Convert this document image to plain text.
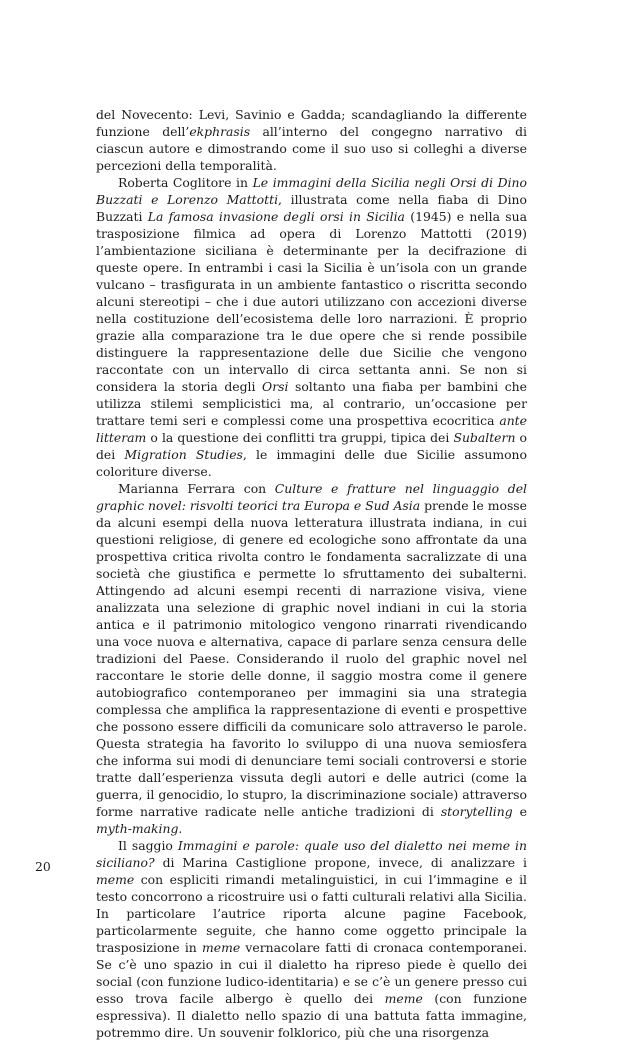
del Novecento: Levi, Savinio e Gadda; scandagliando la differente funzione dell’ekphrasis all’interno del congegno narrativo di ciascun autore e dimostrando come il suo uso si colleghi a diverse percezioni della temporalità.

Roberta Coglitore in Le immagini della Sicilia negli Orsi di Dino Buzzati e Lorenzo Mattotti, illustrata come nella fiaba di Dino Buzzati La famosa invasione degli orsi in Sicilia (1945) e nella sua trasposizione filmica ad opera di Lorenzo Mattotti (2019) l’ambientazione siciliana è determinante per la decifrazione di queste opere. In entrambi i casi la Sicilia è un’isola con un grande vulcano – trasfigurata in un ambiente fantastico o riscritta secondo alcuni stereotipi – che i due autori utilizzano con accezioni diverse nella costituzione dell’ecosistema delle loro narrazioni. È proprio grazie alla comparazione tra le due opere che si rende possibile distinguere la rappresentazione delle due Sicilie che vengono raccontate con un intervallo di circa settanta anni. Se non si considera la storia degli Orsi soltanto una fiaba per bambini che utilizza stilemi semplicistici ma, al contrario, un’occasione per trattare temi seri e complessi come una prospettiva ecocritica ante litteram o la questione dei conflitti tra gruppi, tipica dei Subaltern o dei Migration Studies, le immagini delle due Sicilie assumono coloriture diverse.

Marianna Ferrara con Culture e fratture nel linguaggio del graphic novel: risvolti teorici tra Europa e Sud Asia prende le mosse da alcuni esempi della nuova letteratura illustrata indiana, in cui questioni religiose, di genere ed ecologiche sono affrontate da una prospettiva critica rivolta contro le fondamenta sacralizzate di una società che giustifica e permette lo sfruttamento dei subalterni. Attingendo ad alcuni esempi recenti di narrazione visiva, viene analizzata una selezione di graphic novel indiani in cui la storia antica e il patrimonio mitologico vengono rinarrati rivendicando una voce nuova e alternativa, capace di parlare senza censura delle tradizioni del Paese. Considerando il ruolo del graphic novel nel raccontare le storie delle donne, il saggio mostra come il genere autobiografico contemporaneo per immagini sia una strategia complessa che amplifica la rappresentazione di eventi e prospettive che possono essere difficili da comunicare solo attraverso le parole. Questa strategia ha favorito lo sviluppo di una nuova semiosfera che informa sui modi di denunciare temi sociali controversi e storie tratte dall’esperienza vissuta degli autori e delle autrici (come la guerra, il genocidio, lo stupro, la discriminazione sociale) attraverso forme narrative radicate nelle antiche tradizioni di storytelling e myth-making.

Il saggio Immagini e parole: quale uso del dialetto nei meme in siciliano? di Marina Castiglione propone, invece, di analizzare i meme con espliciti rimandi metalinguistici, in cui l’immagine e il testo concorrono a ricostruire usi o fatti culturali relativi alla Sicilia. In particolare l’autrice riporta alcune pagine Facebook, particolarmente seguite, che hanno come oggetto principale la trasposizione in meme vernacolare fatti di cronaca contemporanei. Se c’è uno spazio in cui il dialetto ha ripreso piede è quello dei social (con funzione ludico-identitaria) e se c’è un genere presso cui esso trova facile albergo è quello dei meme (con funzione espressiva). Il dialetto nello spazio di una battuta fatta immagine, potremmo dire. Un souvenir folklorico, più che una risorgenza

20
